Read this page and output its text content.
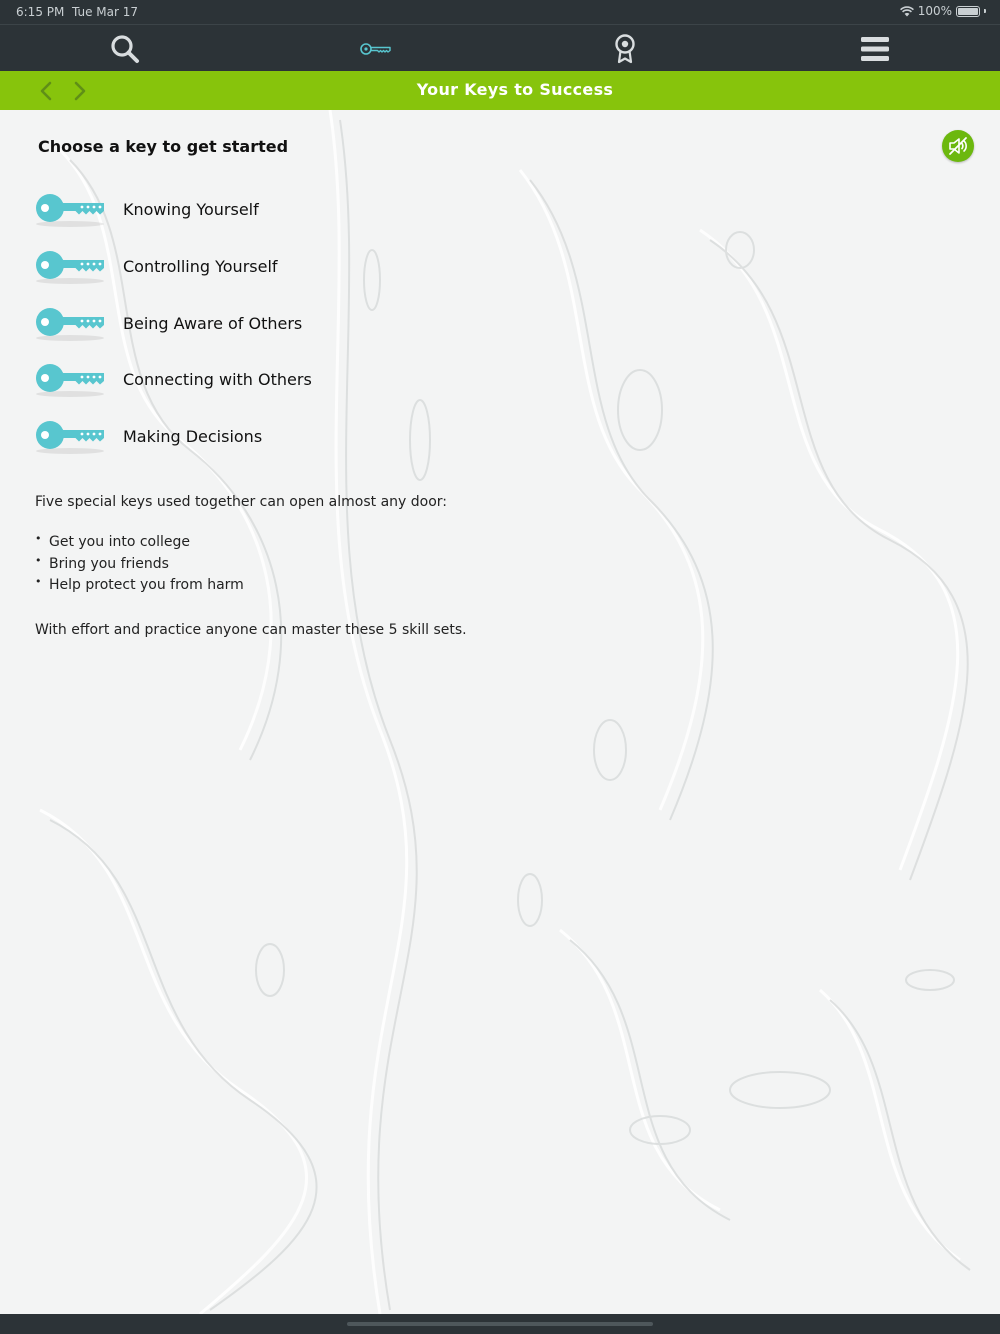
6:15 PM Tue Mar 17	100%
Your Keys to Success
Choose a key to get started
Knowing Yourself
Controlling Yourself
Being Aware of Others
Connecting with Others
Making Decisions
Five special keys used together can open almost any door:
• Get you into college
• Bring you friends
• Help protect you from harm
With effort and practice anyone can master these 5 skill sets.
